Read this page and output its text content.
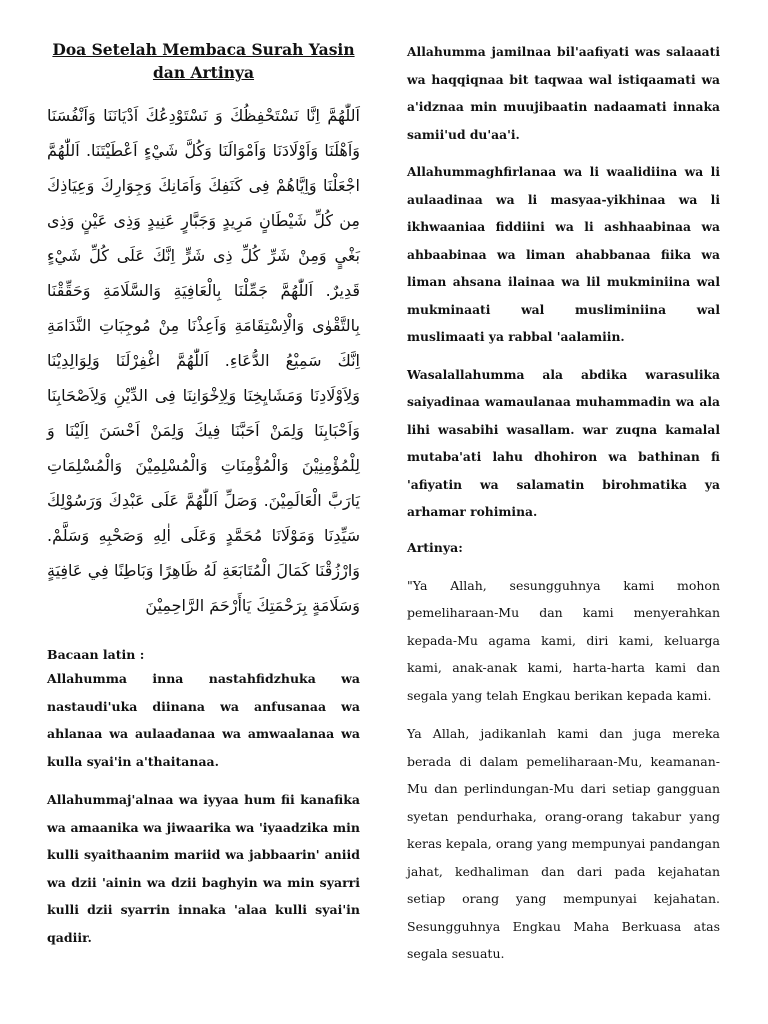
Doa Setelah Membaca Surah Yasin dan Artinya

اَللّٰهُمَّ اِنَّا نَسْتَحْفِظُكَ وَ نَسْتَوْدِعُكَ اَدْيَانَنَا وَاَنْفُسَنَا وَاَهْلَنَا وَاَوْلَادَنَا وَاَمْوَالَنَا وَكُلَّ شَيْءٍ اَعْطَيْتَنَا. اَللّٰهُمَّ اجْعَلْنَا وَاِيَّاهُمْ فِى كَنَفِكَ وَاَمَانِكَ وَجِوَارِكَ وَعِيَاذِكَ مِن كُلِّ شَيْطَانٍ مَرِيدٍ وَجَبَّارٍ عَنِيدٍ وَذِى عَيْنٍ وَذِى بَغْيٍ وَمِنْ شَرِّ كُلِّ ذِى شَرٍّ اِنَّكَ عَلَى كُلِّ شَيْءٍ قَدِيرٌ. اَللّٰهُمَّ جَمِّلْنَا بِالْعَافِيَةِ وَالسَّلَامَةِ وَحَقِّقْنَا بِالتَّقْوٰى وَالْاِسْتِقَامَةِ وَاَعِذْنَا مِنْ مُوجِبَاتِ النَّدَامَةِ اِنَّكَ سَمِيْعُ الدُّعَاءِ. اَللّٰهُمَّ اغْفِرْلَنَا وَلِوَالِدِيْنَا وَلِاَوْلَادِنَا وَمَشَايِخِنَا وَلِاِخْوَانِنَا فِى الدِّيْنِ وَلِاَصْحَابِنَا وَاَحْبَابِنَا وَلِمَنْ اَحَبَّنَا فِيكَ وَلِمَنْ اَحْسَنَ اِلَيْنَا وَ لِلْمُؤْمِنِيْنَ وَالْمُؤْمِنَاتِ وَالْمُسْلِمِيْنَ وَالْمُسْلِمَاتِ يَارَبَّ الْعَالَمِيْنَ. وَصَلِّ اَللّٰهُمَّ عَلَى عَبْدِكَ وَرَسُوْلِكَ سَيِّدِنَا وَمَوْلَانَا مُحَمَّدٍ وَعَلَى اٰلِهِ وَصَحْبِهِ وَسَلَّمْ. وَارْزُقْنَا كَمَالَ الْمُتَابَعَةِ لَهُ ظَاهِرًا وَبَاطِنًا فِي عَافِيَةٍ وَسَلَامَةٍ بِرَحْمَتِكَ يَاأَرْحَمَ الرَّاحِمِيْنَ

Bacaan latin :

Allahumma inna nastahfidzhuka wa nastaudi'uka diinana wa anfusanaa wa ahlanaa wa aulaadanaa wa amwaalanaa wa kulla syai'in a'thaitanaa.

Allahummaj'alnaa wa iyyaa hum fii kanafika wa amaanika wa jiwaarika wa 'iyaadzika min kulli syaithaanim mariid wa jabbaarin' aniid wa dzii 'ainin wa dzii baghyin wa min syarri kulli dzii syarrin innaka 'alaa kulli syai'in qadiir.

Allahumma jamilnaa bil'aafiyati was salaaati wa haqqiqnaa bit taqwaa wal istiqaamati wa a'idznaa min muujibaatin nadaamati innaka samii'ud du'aa'i.

Allahummaghfirlanaa wa li waalidiina wa li aulaadinaa wa li masyaa-yikhinaa wa li ikhwaaniaa fiddiini wa li ashhaabinaa wa ahbaabinaa wa liman ahabbanaa fiika wa liman ahsana ilainaa wa lil mukminiina wal mukminaati wal musliminiina wal muslimaati ya rabbal 'aalamiin.

Wasalallahumma ala abdika warasulika saiyadinaa wamaulanaa muhammadin wa ala lihi wasabihi wasallam. war zuqna kamalal mutaba'ati lahu dhohiron wa bathinan fi 'afiyatin wa salamatin birohmatika ya arhamar rohimina.

Artinya:

"Ya Allah, sesungguhnya kami mohon pemeliharaan-Mu dan kami menyerahkan kepada-Mu agama kami, diri kami, keluarga kami, anak-anak kami, harta-harta kami dan segala yang telah Engkau berikan kepada kami.

Ya Allah, jadikanlah kami dan juga mereka berada di dalam pemeliharaan-Mu, keamanan-Mu dan perlindungan-Mu dari setiap gangguan syetan pendurhaka, orang-orang takabur yang keras kepala, orang yang mempunyai pandangan jahat, kedhaliman dan dari pada kejahatan setiap orang yang mempunyai kejahatan. Sesungguhnya Engkau Maha Berkuasa atas segala sesuatu.
